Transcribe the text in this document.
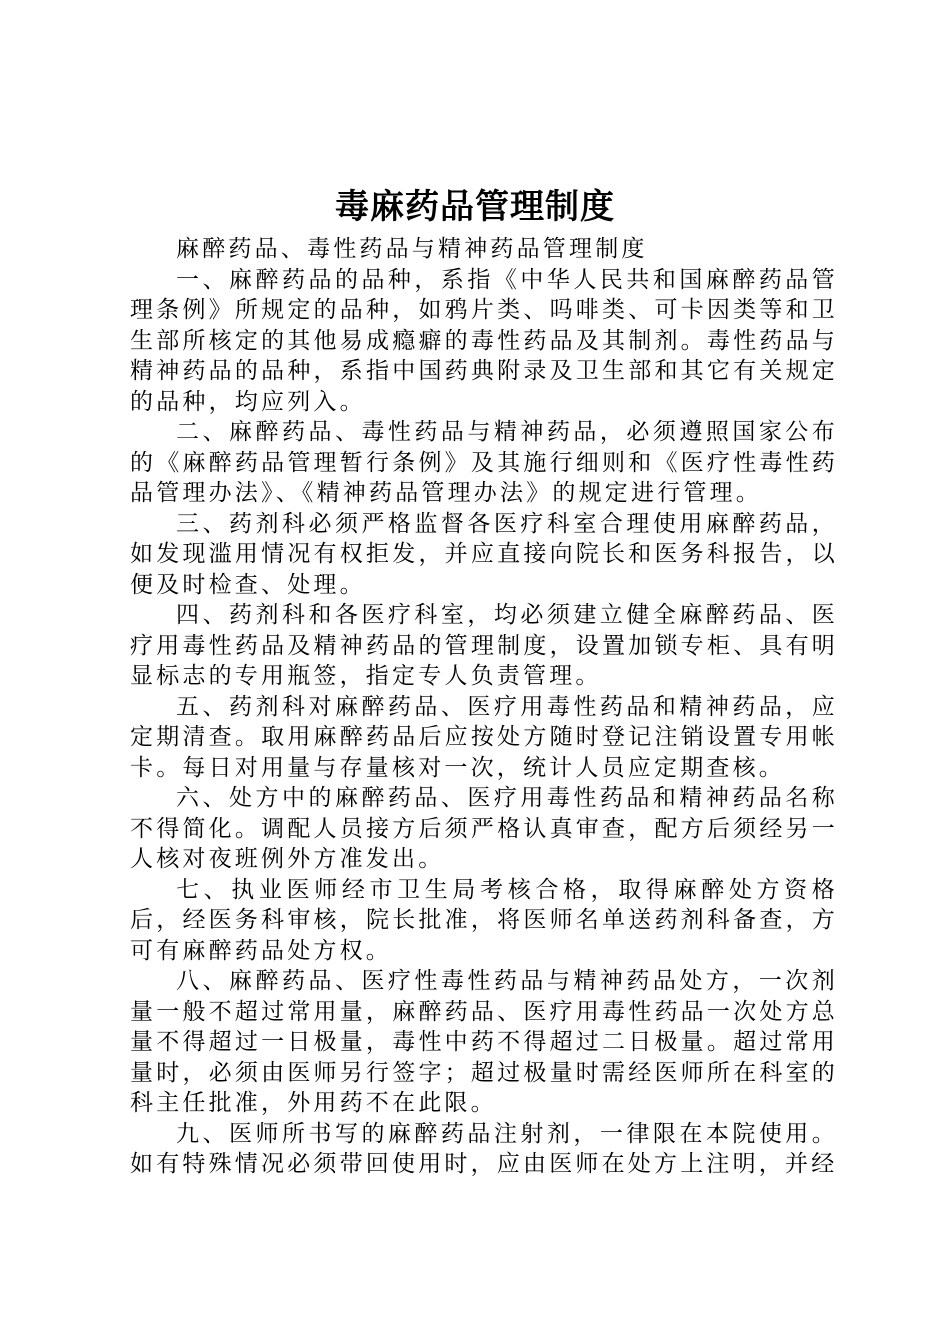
毒麻药品管理制度

麻醉药品、毒性药品与精神药品管理制度

一、麻醉药品的品种，系指《中华人民共和国麻醉药品管理条例》所规定的品种，如鸦片类、吗啡类、可卡因类等和卫生部所核定的其他易成瘾癖的毒性药品及其制剂。毒性药品与精神药品的品种，系指中国药典附录及卫生部和其它有关规定的品种，均应列入。

二、麻醉药品、毒性药品与精神药品，必须遵照国家公布的《麻醉药品管理暂行条例》及其施行细则和《医疗性毒性药品管理办法》、《精神药品管理办法》的规定进行管理。

三、药剂科必须严格监督各医疗科室合理使用麻醉药品，如发现滥用情况有权拒发，并应直接向院长和医务科报告，以便及时检查、处理。

四、药剂科和各医疗科室，均必须建立健全麻醉药品、医疗用毒性药品及精神药品的管理制度，设置加锁专柜、具有明显标志的专用瓶签，指定专人负责管理。

五、药剂科对麻醉药品、医疗用毒性药品和精神药品，应定期清查。取用麻醉药品后应按处方随时登记注销设置专用帐卡。每日对用量与存量核对一次，统计人员应定期查核。

六、处方中的麻醉药品、医疗用毒性药品和精神药品名称不得简化。调配人员接方后须严格认真审查，配方后须经另一人核对夜班例外方准发出。

七、执业医师经市卫生局考核合格，取得麻醉处方资格后，经医务科审核，院长批准，将医师名单送药剂科备查，方可有麻醉药品处方权。

八、麻醉药品、医疗性毒性药品与精神药品处方，一次剂量一般不超过常用量，麻醉药品、医疗用毒性药品一次处方总量不得超过一日极量，毒性中药不得超过二日极量。超过常用量时，必须由医师另行签字；超过极量时需经医师所在科室的科主任批准，外用药不在此限。

九、医师所书写的麻醉药品注射剂，一律限在本院使用。如有特殊情况必须带回使用时，应由医师在处方上注明，并经
